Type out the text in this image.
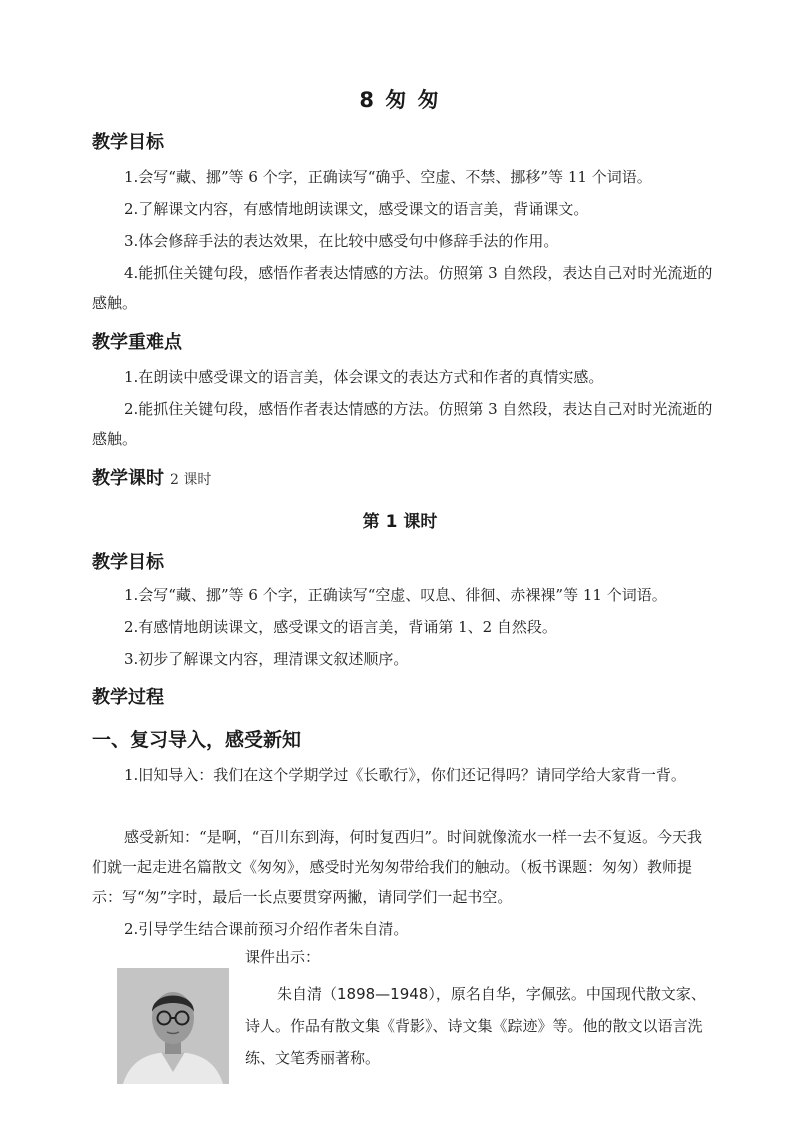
8 匆 匆
教学目标
1.会写“藏、挪”等 6 个字，正确读写“确乎、空虚、不禁、挪移”等 11 个词语。
2.了解课文内容，有感情地朗读课文，感受课文的语言美，背诵课文。
3.体会修辞手法的表达效果，在比较中感受句中修辞手法的作用。
4.能抓住关键句段，感悟作者表达情感的方法。仿照第 3 自然段，表达自己对时光流逝的感触。
教学重难点
1.在朗读中感受课文的语言美，体会课文的表达方式和作者的真情实感。
2.能抓住关键句段，感悟作者表达情感的方法。仿照第 3 自然段，表达自己对时光流逝的感触。
教学课时 2 课时
第 1 课时
教学目标
1.会写“藏、挪”等 6 个字，正确读写“空虚、叹息、徘徊、赤裸裸”等 11 个词语。
2.有感情地朗读课文，感受课文的语言美，背诵第 1、2 自然段。
3.初步了解课文内容，理清课文叙述顺序。
教学过程
一、复习导入，感受新知
1.旧知导入：我们在这个学期学过《长歌行》，你们还记得吗？请同学给大家背一背。
感受新知：“是啊，“百川东到海，何时复西归”。时间就像流水一样一去不复返。今天我们就一起走进名篇散文《匆匆》，感受时光匆匆带给我们的触动。（板书课题：匆匆）教师提示：写“匆”字时，最后一长点要贯穿两撇，请同学们一起书空。
2.引导学生结合课前预习介绍作者朱自清。
课件出示：
朱自清（1898—1948），原名自华，字佩弦。中国现代散文家、诗人。作品有散文集《背影》、诗文集《踪迹》等。他的散文以语言洗练、文笔秀丽著称。
